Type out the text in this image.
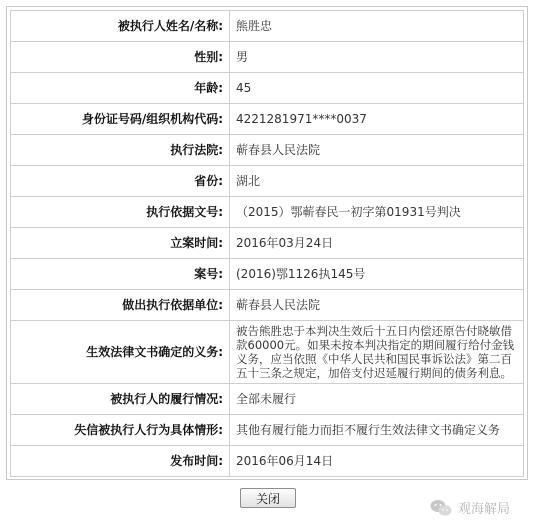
被执行人姓名/名称:	熊胜忠
性别:	男
年龄:	45
身份证号码/组织机构代码:	4221281971****0037
执行法院:	蕲春县人民法院
省份:	湖北
执行依据文号:	（2015）鄂蕲春民一初字第01931号判决
立案时间:	2016年03月24日
案号:	(2016)鄂1126执145号
做出执行依据单位:	蕲春县人民法院
生效法律文书确定的义务:	被告熊胜忠于本判决生效后十五日内偿还原告付晓敏借款60000元。如果未按本判决指定的期间履行给付金钱义务，应当依照《中华人民共和国民事诉讼法》第二百五十三条之规定，加倍支付迟延履行期间的债务利息。
被执行人的履行情况:	全部未履行
失信被执行人行为具体情形:	其他有履行能力而拒不履行生效法律文书确定义务
发布时间:	2016年06月14日
关闭
观海解局
